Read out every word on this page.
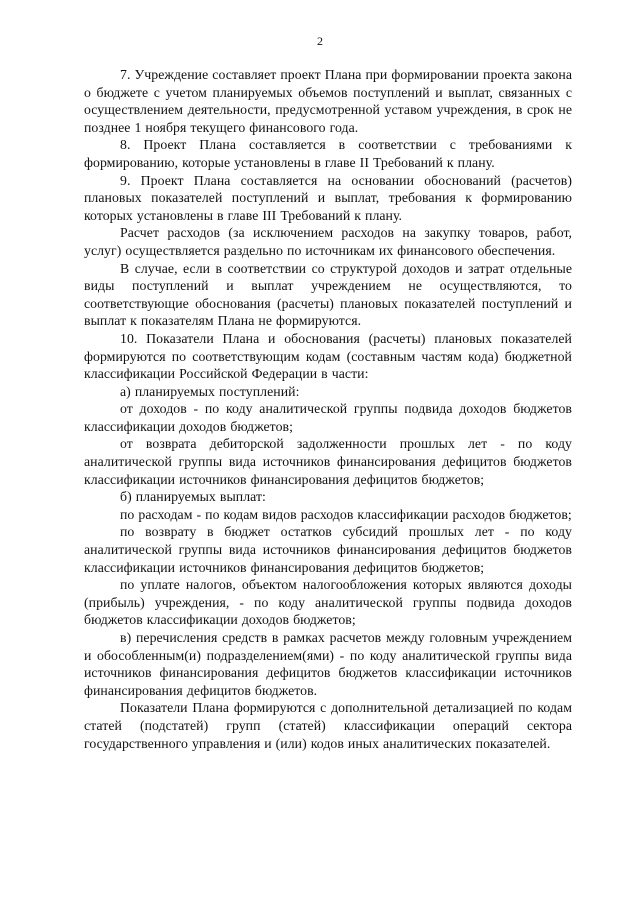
2

7. Учреждение составляет проект Плана при формировании проекта закона о бюджете с учетом планируемых объемов поступлений и выплат, связанных с осуществлением деятельности, предусмотренной уставом учреждения, в срок не позднее 1 ноября текущего финансового года.

8. Проект Плана составляется в соответствии с требованиями к формированию, которые установлены в главе II Требований к плану.

9. Проект Плана составляется на основании обоснований (расчетов) плановых показателей поступлений и выплат, требования к формированию которых установлены в главе III Требований к плану.

Расчет расходов (за исключением расходов на закупку товаров, работ, услуг) осуществляется раздельно по источникам их финансового обеспечения.

В случае, если в соответствии со структурой доходов и затрат отдельные виды поступлений и выплат учреждением не осуществляются, то соответствующие обоснования (расчеты) плановых показателей поступлений и выплат к показателям Плана не формируются.

10. Показатели Плана и обоснования (расчеты) плановых показателей формируются по соответствующим кодам (составным частям кода) бюджетной классификации Российской Федерации в части:

а) планируемых поступлений:

от доходов - по коду аналитической группы подвида доходов бюджетов классификации доходов бюджетов;

от возврата дебиторской задолженности прошлых лет - по коду аналитической группы вида источников финансирования дефицитов бюджетов классификации источников финансирования дефицитов бюджетов;

б) планируемых выплат:

по расходам - по кодам видов расходов классификации расходов бюджетов;

по возврату в бюджет остатков субсидий прошлых лет - по коду аналитической группы вида источников финансирования дефицитов бюджетов классификации источников финансирования дефицитов бюджетов;

по уплате налогов, объектом налогообложения которых являются доходы (прибыль) учреждения, - по коду аналитической группы подвида доходов бюджетов классификации доходов бюджетов;

в) перечисления средств в рамках расчетов между головным учреждением и обособленным(и) подразделением(ями) - по коду аналитической группы вида источников финансирования дефицитов бюджетов классификации источников финансирования дефицитов бюджетов.

Показатели Плана формируются с дополнительной детализацией по кодам статей (подстатей) групп (статей) классификации операций сектора государственного управления и (или) кодов иных аналитических показателей.
